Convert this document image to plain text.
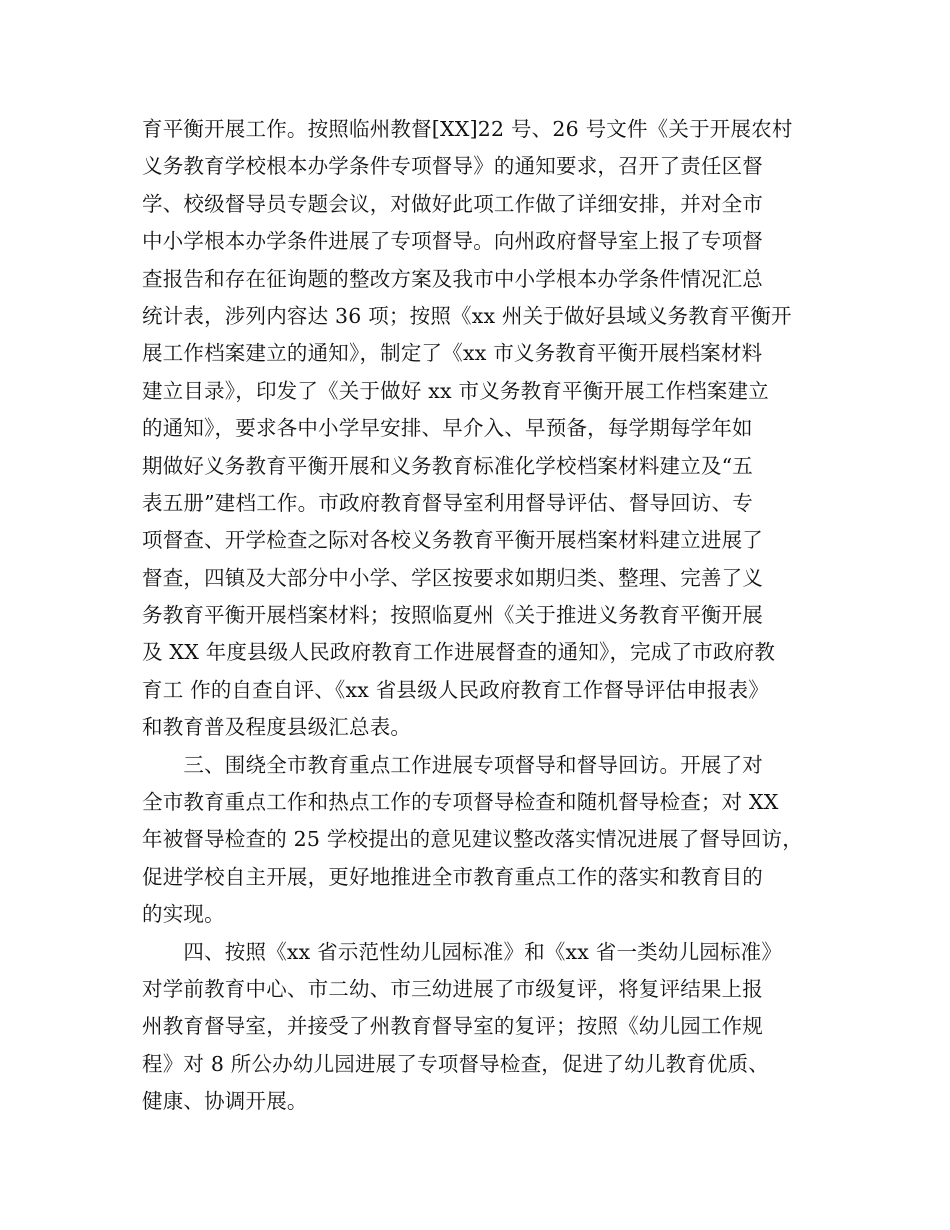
育平衡开展工作。按照临州教督[XX]22 号、26 号文件《关于开展农村
义务教育学校根本办学条件专项督导》的通知要求，召开了责任区督
学、校级督导员专题会议，对做好此项工作做了详细安排，并对全市
中小学根本办学条件进展了专项督导。向州政府督导室上报了专项督
查报告和存在征询题的整改方案及我市中小学根本办学条件情况汇总
统计表，涉列内容达 36 项；按照《xx 州关于做好县域义务教育平衡开
展工作档案建立的通知》，制定了《xx 市义务教育平衡开展档案材料
建立目录》，印发了《关于做好 xx 市义务教育平衡开展工作档案建立
的通知》，要求各中小学早安排、早介入、早预备，每学期每学年如
期做好义务教育平衡开展和义务教育标准化学校档案材料建立及“五
表五册”建档工作。市政府教育督导室利用督导评估、督导回访、专
项督查、开学检查之际对各校义务教育平衡开展档案材料建立进展了
督查，四镇及大部分中小学、学区按要求如期归类、整理、完善了义
务教育平衡开展档案材料；按照临夏州《关于推进义务教育平衡开展
及 XX 年度县级人民政府教育工作进展督查的通知》，完成了市政府教
育工 作的自查自评、《xx 省县级人民政府教育工作督导评估申报表》
和教育普及程度县级汇总表。
　　三、围绕全市教育重点工作进展专项督导和督导回访。开展了对
全市教育重点工作和热点工作的专项督导检查和随机督导检查；对 XX
年被督导检查的 25 学校提出的意见建议整改落实情况进展了督导回访，
促进学校自主开展，更好地推进全市教育重点工作的落实和教育目的
的实现。
　　四、按照《xx 省示范性幼儿园标准》和《xx 省一类幼儿园标准》
对学前教育中心、市二幼、市三幼进展了市级复评，将复评结果上报
州教育督导室，并接受了州教育督导室的复评；按照《幼儿园工作规
程》对 8 所公办幼儿园进展了专项督导检查，促进了幼儿教育优质、
健康、协调开展。
